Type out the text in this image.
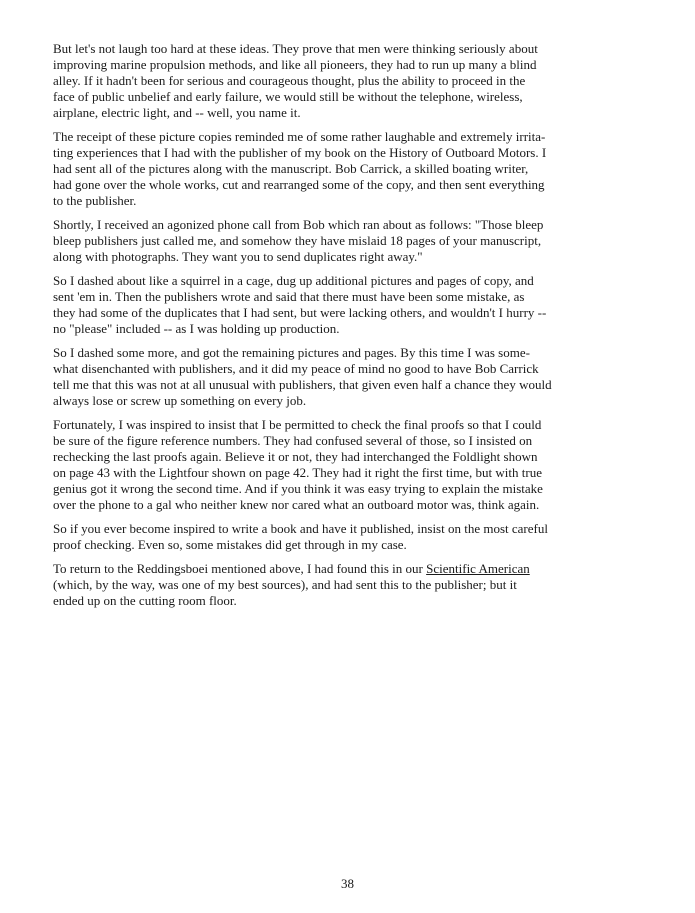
But let's not laugh too hard at these ideas. They prove that men were thinking seriously about
improving marine propulsion methods, and like all pioneers, they had to run up many a blind
alley. If it hadn't been for serious and courageous thought, plus the ability to proceed in the
face of public unbelief and early failure, we would still be without the telephone, wireless,
airplane, electric light, and -- well, you name it.

The receipt of these picture copies reminded me of some rather laughable and extremely irrita-
ting experiences that I had with the publisher of my book on the History of Outboard Motors. I
had sent all of the pictures along with the manuscript. Bob Carrick, a skilled boating writer,
had gone over the whole works, cut and rearranged some of the copy, and then sent everything
to the publisher.

Shortly, I received an agonized phone call from Bob which ran about as follows: "Those bleep
bleep publishers just called me, and somehow they have mislaid 18 pages of your manuscript,
along with photographs. They want you to send duplicates right away."

So I dashed about like a squirrel in a cage, dug up additional pictures and pages of copy, and
sent 'em in. Then the publishers wrote and said that there must have been some mistake, as
they had some of the duplicates that I had sent, but were lacking others, and wouldn't I hurry --
no "please" included -- as I was holding up production.

So I dashed some more, and got the remaining pictures and pages. By this time I was some-
what disenchanted with publishers, and it did my peace of mind no good to have Bob Carrick
tell me that this was not at all unusual with publishers, that given even half a chance they would
always lose or screw up something on every job.

Fortunately, I was inspired to insist that I be permitted to check the final proofs so that I could
be sure of the figure reference numbers. They had confused several of those, so I insisted on
rechecking the last proofs again. Believe it or not, they had interchanged the Foldlight shown
on page 43 with the Lightfour shown on page 42. They had it right the first time, but with true
genius got it wrong the second time. And if you think it was easy trying to explain the mistake
over the phone to a gal who neither knew nor cared what an outboard motor was, think again.

So if you ever become inspired to write a book and have it published, insist on the most careful
proof checking. Even so, some mistakes did get through in my case.

To return to the Reddingsboei mentioned above, I had found this in our Scientific American
(which, by the way, was one of my best sources), and had sent this to the publisher; but it
ended up on the cutting room floor.

38
